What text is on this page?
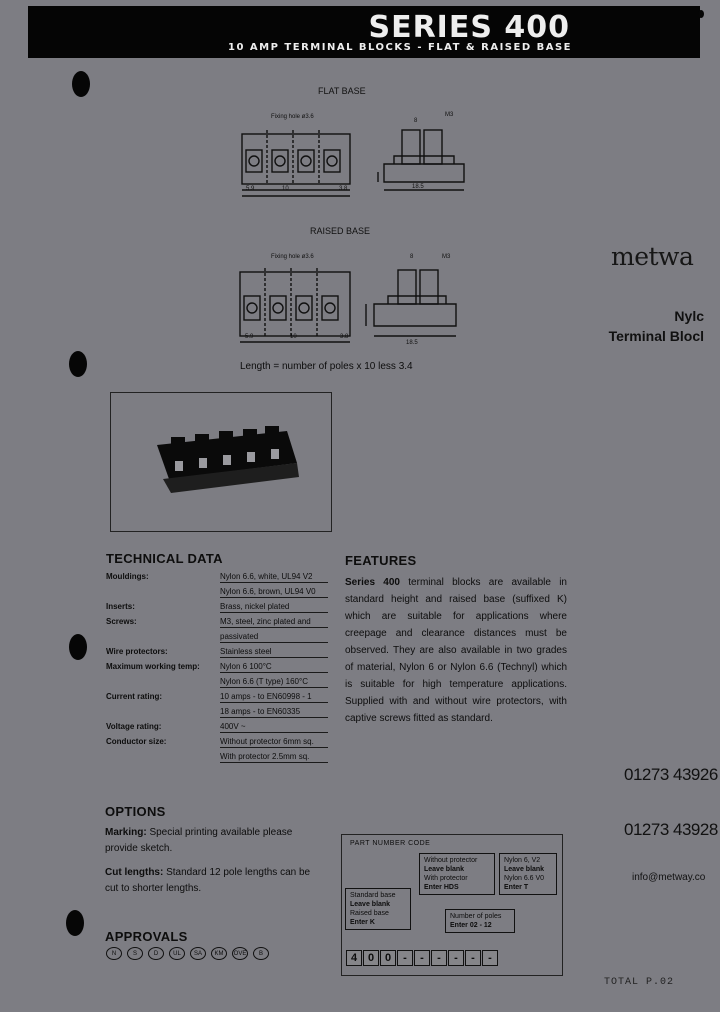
SERIES 400
10 AMP TERMINAL BLOCKS - FLAT & RAISED BASE
FLAT BASE
Fixing hole ø3.6
5.9	10	3.8
M3
8
18.5
RAISED BASE
Fixing hole ø3.6
5.9	10	3.8
M3
8
18.5
Length = number of poles x 10 less 3.4
metwa
Nylc
Terminal Blocl
01273 43926
01273 43928
info@metway.co
TECHNICAL DATA
Mouldings:	Nylon 6.6, white, UL94 V2
Nylon 6.6, brown, UL94 V0
Inserts:	Brass, nickel plated
Screws:	M3, steel, zinc plated and
passivated
Wire protectors:	Stainless steel
Maximum working temp:	Nylon 6 100°C
Nylon 6.6 (T type) 160°C
Current rating:	10 amps - to EN60998 - 1
18 amps - to EN60335
Voltage rating:	400V ~
Conductor size:	Without protector 6mm sq.
With protector 2.5mm sq.
FEATURES
Series 400 terminal blocks are available in standard height and raised base (suffixed K) which are suitable for applications where creepage and clearance distances must be observed. They are also available in two grades of material, Nylon 6 or Nylon 6.6 (Technyl) which is suitable for high temperature applications. Supplied with and without wire protectors, with captive screws fitted as standard.
OPTIONS
Marking: Special printing available please provide sketch.
Cut lengths: Standard 12 pole lengths can be cut to shorter lengths.
APPROVALS
N	S	D	UL	SA	KM	OVE	B
PART NUMBER CODE
Without protector
Leave blank
With protector
Enter HDS
Nylon 6, V2
Leave blank
Nylon 6.6 V0
Enter T
Standard base
Leave blank
Raised base
Enter K
Number of poles
Enter 02 - 12
4 0 0	-	-	-	-	-	-
TOTAL P.02
